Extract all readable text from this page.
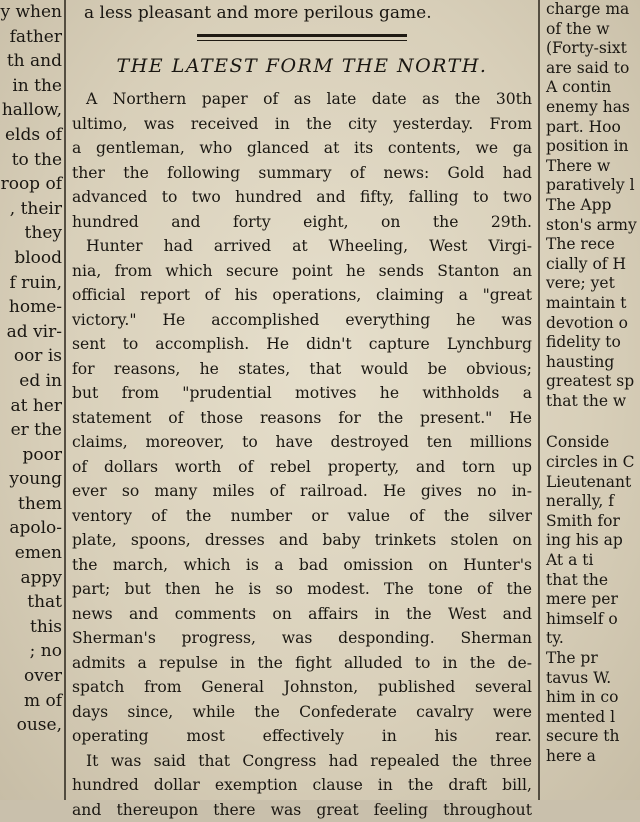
y when
father
th and
in the
hallow,
elds of
to the
roop of
, their
they
blood
f ruin,
home-
ad vir-
oor is
ed in
at her
er the
poor
young
them
apolo-
emen
appy
that
this
; no
over
m of
ouse,

a less pleasant and more perilous game.

THE LATEST FORM THE NORTH.

A Northern paper of as late date as the 30th
ultimo, was received in the city yesterday. From
a gentleman, who glanced at its contents, we ga
ther the following summary of news: Gold had
advanced to two hundred and fifty, falling to two
hundred and forty eight, on the 29th.

Hunter had arrived at Wheeling, West Virgi-
nia, from which secure point he sends Stanton an
official report of his operations, claiming a "great
victory." He accomplished everything he was
sent to accomplish. He didn't capture Lynchburg
for reasons, he states, that would be obvious;
but from "prudential motives he withholds a
statement of those reasons for the present." He
claims, moreover, to have destroyed ten millions
of dollars worth of rebel property, and torn up
ever so many miles of railroad. He gives no in-
ventory of the number or value of the silver
plate, spoons, dresses and baby trinkets stolen on
the march, which is a bad omission on Hunter's
part; but then he is so modest. The tone of the
news and comments on affairs in the West and
Sherman's progress, was desponding. Sherman
admits a repulse in the fight alluded to in the de-
spatch from General Johnston, published several
days since, while the Confederate cavalry were
operating most effectively in his rear.

It was said that Congress had repealed the three
hundred dollar exemption clause in the draft bill,
and thereupon there was great feeling throughout

charge ma
of the w
(Forty-sixt
are said to
A contin
enemy has
part. Hoo
position in
There w
paratively l
The App
ston's army
The rece
cially of H
vere; yet
maintain t
devotion o
fidelity to
hausting
greatest sp
that the w
Conside
circles in C
Lieutenant
nerally, f
Smith for
ing his ap
At a ti
that the
mere per
himself o
ty.
The pr
tavus W.
him in co
mented l
secure th
here a
